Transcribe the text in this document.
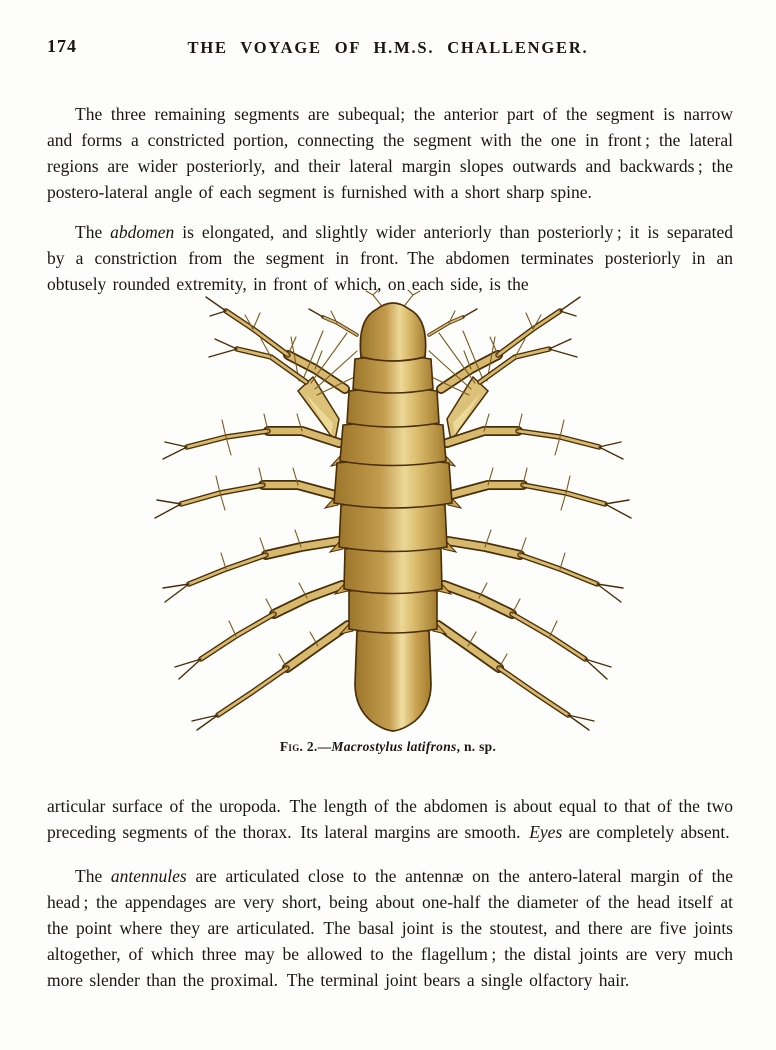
174	THE VOYAGE OF H.M.S. CHALLENGER.

The three remaining segments are subequal; the anterior part of the segment is narrow and forms a constricted portion, connecting the segment with the one in front ; the lateral regions are wider posteriorly, and their lateral margin slopes outwards and backwards ; the postero-lateral angle of each segment is furnished with a short sharp spine.

The abdomen is elongated, and slightly wider anteriorly than posteriorly ; it is separated by a constriction from the segment in front. The abdomen terminates posteriorly in an obtusely rounded extremity, in front of which, on each side, is the

Fig. 2.—Macrostylus latifrons, n. sp.

articular surface of the uropoda. The length of the abdomen is about equal to that of the two preceding segments of the thorax. Its lateral margins are smooth. Eyes are completely absent.

The antennules are articulated close to the antennæ on the antero-lateral margin of the head ; the appendages are very short, being about one-half the diameter of the head itself at the point where they are articulated. The basal joint is the stoutest, and there are five joints altogether, of which three may be allowed to the flagellum ; the distal joints are very much more slender than the proximal. The terminal joint bears a single olfactory hair.
